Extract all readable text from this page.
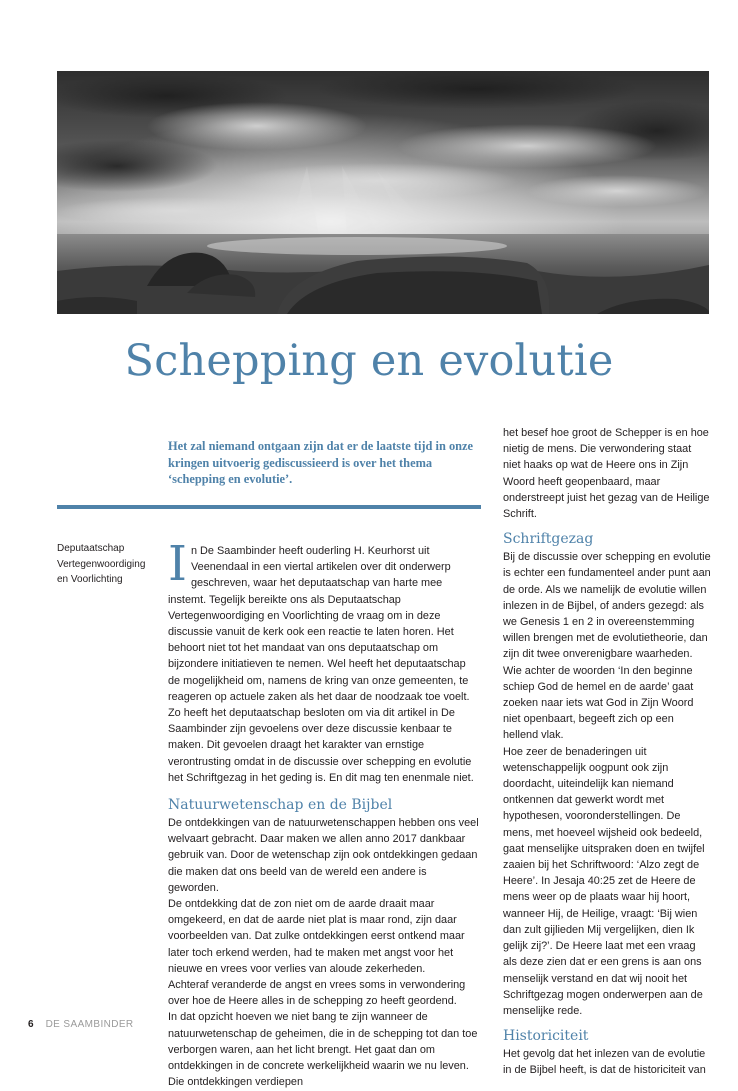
Schepping en evolutie

Het zal niemand ontgaan zijn dat er de laatste tijd in onze kringen uitvoerig gediscussieerd is over het thema ‘schepping en evolutie’.

Deputaatschap
Vertegenwoordiging
en Voorlichting In De Saambinder heeft ouderling H. Keurhorst uit Veenendaal in een viertal artikelen over dit onderwerp geschreven, waar het deputaatschap van harte mee instemt. Tegelijk bereikte ons als Deputaatschap Vertegenwoordiging en Voorlichting de vraag om in deze discussie vanuit de kerk ook een reactie te laten horen. Het behoort niet tot het mandaat van ons deputaatschap om bijzondere initiatieven te nemen. Wel heeft het deputaatschap de mogelijkheid om, namens de kring van onze gemeenten, te reageren op actuele zaken als het daar de noodzaak toe voelt. Zo heeft het deputaatschap besloten om via dit artikel in De Saambinder zijn gevoelens over deze discussie kenbaar te maken. Dit gevoelen draagt het karakter van ernstige verontrusting omdat in de discussie over schepping en evolutie het Schriftgezag in het geding is. En dit mag ten enenmale niet.

Natuurwetenschap en de Bijbel

De ontdekkingen van de natuurwetenschappen hebben ons veel welvaart gebracht. Daar maken we allen anno 2017 dankbaar gebruik van. Door de wetenschap zijn ook ontdekkingen gedaan die maken dat ons beeld van de wereld een andere is geworden.

De ontdekking dat de zon niet om de aarde draait maar omgekeerd, en dat de aarde niet plat is maar rond, zijn daar voorbeelden van. Dat zulke ontdekkingen eerst ontkend maar later toch erkend werden, had te maken met angst voor het nieuwe en vrees voor verlies van aloude zekerheden.

Achteraf veranderde de angst en vrees soms in verwondering over hoe de Heere alles in de schepping zo heeft geordend.

In dat opzicht hoeven we niet bang te zijn wanneer de natuurwetenschap de geheimen, die in de schepping tot dan toe verborgen waren, aan het licht brengt. Het gaat dan om ontdekkingen in de concrete werkelijkheid waarin we nu leven. Die ontdekkingen verdiepen

het besef hoe groot de Schepper is en hoe nietig de mens. Die verwondering staat niet haaks op wat de Heere ons in Zijn Woord heeft geopenbaard, maar onderstreept juist het gezag van de Heilige Schrift.

Schriftgezag

Bij de discussie over schepping en evolutie is echter een fundamenteel ander punt aan de orde. Als we namelijk de evolutie willen inlezen in de Bijbel, of anders gezegd: als we Genesis 1 en 2 in overeenstemming willen brengen met de evolutietheorie, dan zijn dit twee onverenigbare waarheden. Wie achter de woorden ‘In den beginne schiep God de hemel en de aarde’ gaat zoeken naar iets wat God in Zijn Woord niet openbaart, begeeft zich op een hellend vlak.

Hoe zeer de benaderingen uit wetenschappelijk oogpunt ook zijn doordacht, uiteindelijk kan niemand ontkennen dat gewerkt wordt met hypothesen, vooronderstellingen. De mens, met hoeveel wijsheid ook bedeeld, gaat menselijke uitspraken doen en twijfel zaaien bij het Schriftwoord: ‘Alzo zegt de Heere’. In Jesaja 40:25 zet de Heere de mens weer op de plaats waar hij hoort, wanneer Hij, de Heilige, vraagt: ‘Bij wien dan zult gijlieden Mij vergelijken, dien Ik gelijk zij?’. De Heere laat met een vraag als deze zien dat er een grens is aan ons menselijk verstand en dat wij nooit het Schriftgezag mogen onderwerpen aan de menselijke rede.

Historiciteit

Het gevolg dat het inlezen van de evolutie in de Bijbel heeft, is dat de historiciteit van

6 DE SAAMBINDER
